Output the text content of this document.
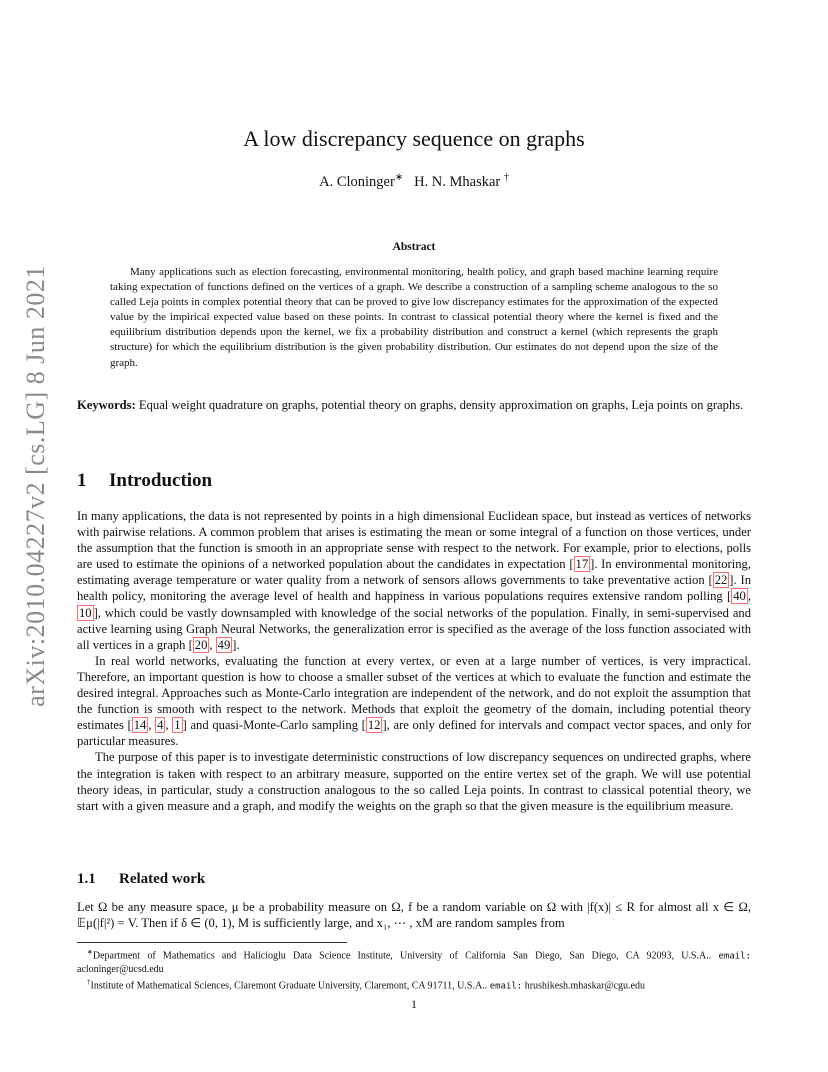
arXiv:2010.04227v2 [cs.LG] 8 Jun 2021
A low discrepancy sequence on graphs
A. Cloninger∗ H. N. Mhaskar †
Abstract

Many applications such as election forecasting, environmental monitoring, health policy, and graph based machine learning require taking expectation of functions defined on the vertices of a graph. We describe a construction of a sampling scheme analogous to the so called Leja points in complex potential theory that can be proved to give low discrepancy estimates for the approximation of the expected value by the impirical expected value based on these points. In contrast to classical potential theory where the kernel is fixed and the equilibrium distribution depends upon the kernel, we fix a probability distribution and construct a kernel (which represents the graph structure) for which the equilibrium distribution is the given probability distribution. Our estimates do not depend upon the size of the graph.

Keywords: Equal weight quadrature on graphs, potential theory on graphs, density approximation on graphs, Leja points on graphs.

1 Introduction

In many applications, the data is not represented by points in a high dimensional Euclidean space, but instead as vertices of networks with pairwise relations. A common problem that arises is estimating the mean or some integral of a function on those vertices, under the assumption that the function is smooth in an appropriate sense with respect to the network. For example, prior to elections, polls are used to estimate the opinions of a networked population about the candidates in expectation [ 17 ]. In environmental monitoring, estimating average temperature or water quality from a network of sensors allows governments to take preventative action [ 22 ]. In health policy, monitoring the average level of health and happiness in various populations requires extensive random polling [ 40 , 10 ], which could be vastly downsampled with knowledge of the social networks of the population. Finally, in semi-supervised and active learning using Graph Neural Networks, the generalization error is specified as the average of the loss function associated with all vertices in a graph [ 20 , 49 ].

In real world networks, evaluating the function at every vertex, or even at a large number of vertices, is very impractical. Therefore, an important question is how to choose a smaller subset of the vertices at which to evaluate the function and estimate the desired integral. Approaches such as Monte-Carlo integration are independent of the network, and do not exploit the assumption that the function is smooth with respect to the network. Methods that exploit the geometry of the domain, including potential theory estimates [ 14 , 4 , 1 ] and quasi-Monte-Carlo sampling [ 12 ], are only defined for intervals and compact vector spaces, and only for particular measures.

The purpose of this paper is to investigate deterministic constructions of low discrepancy sequences on undirected graphs, where the integration is taken with respect to an arbitrary measure, supported on the entire vertex set of the graph. We will use potential theory ideas, in particular, study a construction analogous to the so called Leja points. In contrast to classical potential theory, we start with a given measure and a graph, and modify the weights on the graph so that the given measure is the equilibrium measure.

1.1 Related work

Let Ω be any measure space, μ be a probability measure on Ω, f be a random variable on Ω with |f(x)| ≤ R for almost all x ∈ Ω, 𝔼μ(|f|²) = V. Then if δ ∈ (0, 1), M is sufficiently large, and x₁, ⋯ , xM are random samples from

∗Department of Mathematics and Halicioglu Data Science Institute, University of California San Diego, San Diego, CA 92093, U.S.A.. email: acloninger@ucsd.edu

†Institute of Mathematical Sciences, Claremont Graduate University, Claremont, CA 91711, U.S.A.. email: hrushikesh.mhaskar@cgu.edu

1
